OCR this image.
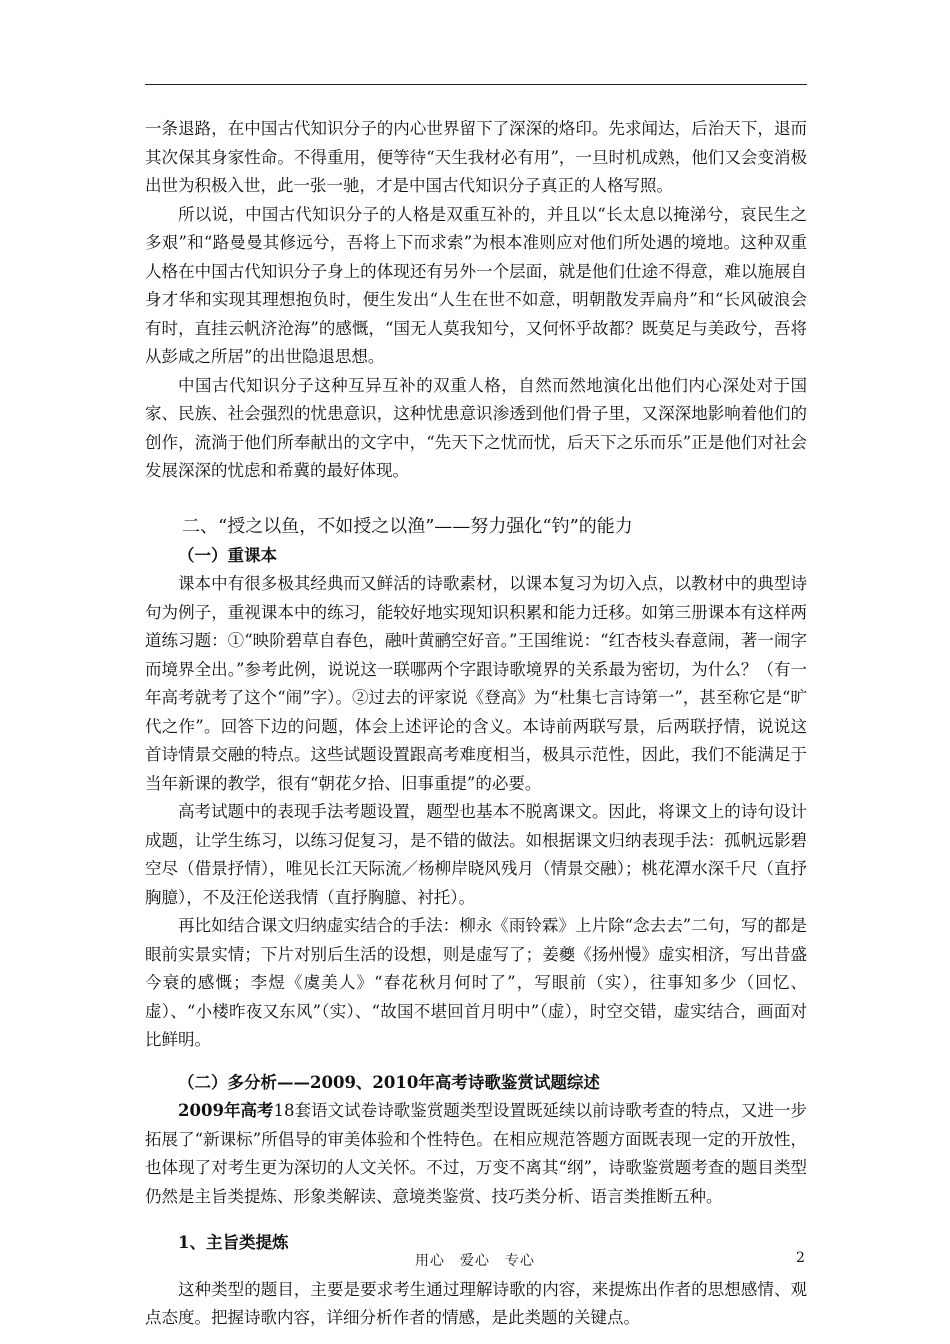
一条退路，在中国古代知识分子的内心世界留下了深深的烙印。先求闻达，后治天下，退而其次保其身家性命。不得重用，便等待“天生我材必有用”，一旦时机成熟，他们又会变消极出世为积极入世，此一张一驰，才是中国古代知识分子真正的人格写照。

所以说，中国古代知识分子的人格是双重互补的，并且以“长太息以掩涕兮，哀民生之多艰”和“路曼曼其修远兮，吾将上下而求索”为根本准则应对他们所处遇的境地。这种双重人格在中国古代知识分子身上的体现还有另外一个层面，就是他们仕途不得意，难以施展自身才华和实现其理想抱负时，便生发出“人生在世不如意，明朝散发弄扁舟”和“长风破浪会有时，直挂云帆济沧海”的感慨，“国无人莫我知兮，又何怀乎故都？既莫足与美政兮，吾将从彭咸之所居”的出世隐退思想。

中国古代知识分子这种互异互补的双重人格，自然而然地演化出他们内心深处对于国家、民族、社会强烈的忧患意识，这种忧患意识渗透到他们骨子里，又深深地影响着他们的创作，流淌于他们所奉献出的文字中，“先天下之忧而忧，后天下之乐而乐”正是他们对社会发展深深的忧虑和希冀的最好体现。

二、“授之以鱼，不如授之以渔”——努力强化“钓”的能力

（一）重课本

课本中有很多极其经典而又鲜活的诗歌素材，以课本复习为切入点，以教材中的典型诗句为例子，重视课本中的练习，能较好地实现知识积累和能力迁移。如第三册课本有这样两道练习题：①“映阶碧草自春色，融叶黄鹂空好音。”王国维说：“红杏枝头春意闹，著一闹字而境界全出。”参考此例，说说这一联哪两个字跟诗歌境界的关系最为密切，为什么？（有一年高考就考了这个“闹”字）。②过去的评家说《登高》为“杜集七言诗第一”，甚至称它是“旷代之作”。回答下边的问题，体会上述评论的含义。本诗前两联写景，后两联抒情，说说这首诗情景交融的特点。这些试题设置跟高考难度相当，极具示范性，因此，我们不能满足于当年新课的教学，很有“朝花夕拾、旧事重提”的必要。

高考试题中的表现手法考题设置，题型也基本不脱离课文。因此，将课文上的诗句设计成题，让学生练习，以练习促复习，是不错的做法。如根据课文归纳表现手法：孤帆远影碧空尽（借景抒情），唯见长江天际流／杨柳岸晓风残月（情景交融）；桃花潭水深千尺（直抒胸臆），不及汪伦送我情（直抒胸臆、衬托）。

再比如结合课文归纳虚实结合的手法：柳永《雨铃霖》上片除“念去去”二句，写的都是眼前实景实情；下片对别后生活的设想，则是虚写了；姜夔《扬州慢》虚实相济，写出昔盛今衰的感慨；李煜《虞美人》“春花秋月何时了”，写眼前（实），往事知多少（回忆、虚）、“小楼昨夜又东风”（实）、“故国不堪回首月明中”（虚），时空交错，虚实结合，画面对比鲜明。

（二）多分析——2009、2010年高考诗歌鉴赏试题综述

2009年高考18套语文试卷诗歌鉴赏题类型设置既延续以前诗歌考查的特点，又进一步拓展了“新课标”所倡导的审美体验和个性特色。在相应规范答题方面既表现一定的开放性，也体现了对考生更为深切的人文关怀。不过，万变不离其“纲”，诗歌鉴赏题考查的题目类型仍然是主旨类提炼、形象类解读、意境类鉴赏、技巧类分析、语言类推断五种。

1、主旨类提炼

这种类型的题目，主要是要求考生通过理解诗歌的内容，来提炼出作者的思想感情、观点态度。把握诗歌内容，详细分析作者的情感，是此类题的关键点。

用心　爱心　专心	2
